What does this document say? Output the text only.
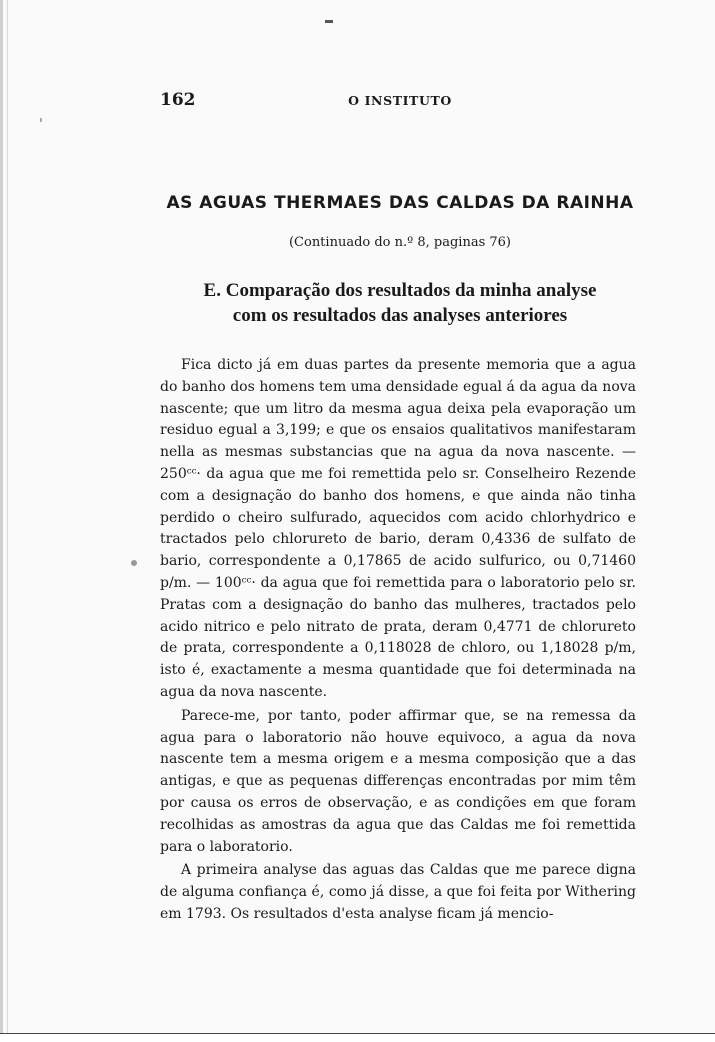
162	O INSTITUTO
AS AGUAS THERMAES DAS CALDAS DA RAINHA
(Continuado do n.º 8, paginas 76)
E. Comparação dos resultados da minha analyse
com os resultados das analyses anteriores

Fica dicto já em duas partes da presente memoria que a agua do banho dos homens tem uma densidade egual á da agua da nova nascente; que um litro da mesma agua deixa pela evaporação um residuo egual a 3,199; e que os ensaios qualitativos manifestaram nella as mesmas substancias que na agua da nova nascente. — 250ᶜᶜ· da agua que me foi remettida pelo sr. Conselheiro Rezende com a designação do banho dos homens, e que ainda não tinha perdido o cheiro sulfurado, aquecidos com acido chlorhydrico e tractados pelo chloruretо de bario, deram 0,4336 de sulfato de bario, correspondente a 0,17865 de acido sulfurico, ou 0,71460 p/m. — 100ᶜᶜ· da agua que foi remettida para o laboratorio pelo sr. Pratas com a designação do banho das mulheres, tractados pelo acido nitrico e pelo nitrato de prata, deram 0,4771 de chloruretо de prata, correspondente a 0,118028 de chloro, ou 1,18028 p/m, isto é, exactamente a mesma quantidade que foi determinada na agua da nova nascente.

Parece-me, por tanto, poder affirmar que, se na remessa da agua para o laboratorio não houve equivoco, a agua da nova nascente tem a mesma origem e a mesma composição que a das antigas, e que as pequenas differenças encontradas por mim têm por causa os erros de observação, e as condições em que foram recolhidas as amostras da agua que das Caldas me foi remettida para o laboratorio.

A primeira analyse das aguas das Caldas que me parece digna de alguma confiança é, como já disse, a que foi feita por Withering em 1793. Os resultados d'esta analyse ficam já mencio-
